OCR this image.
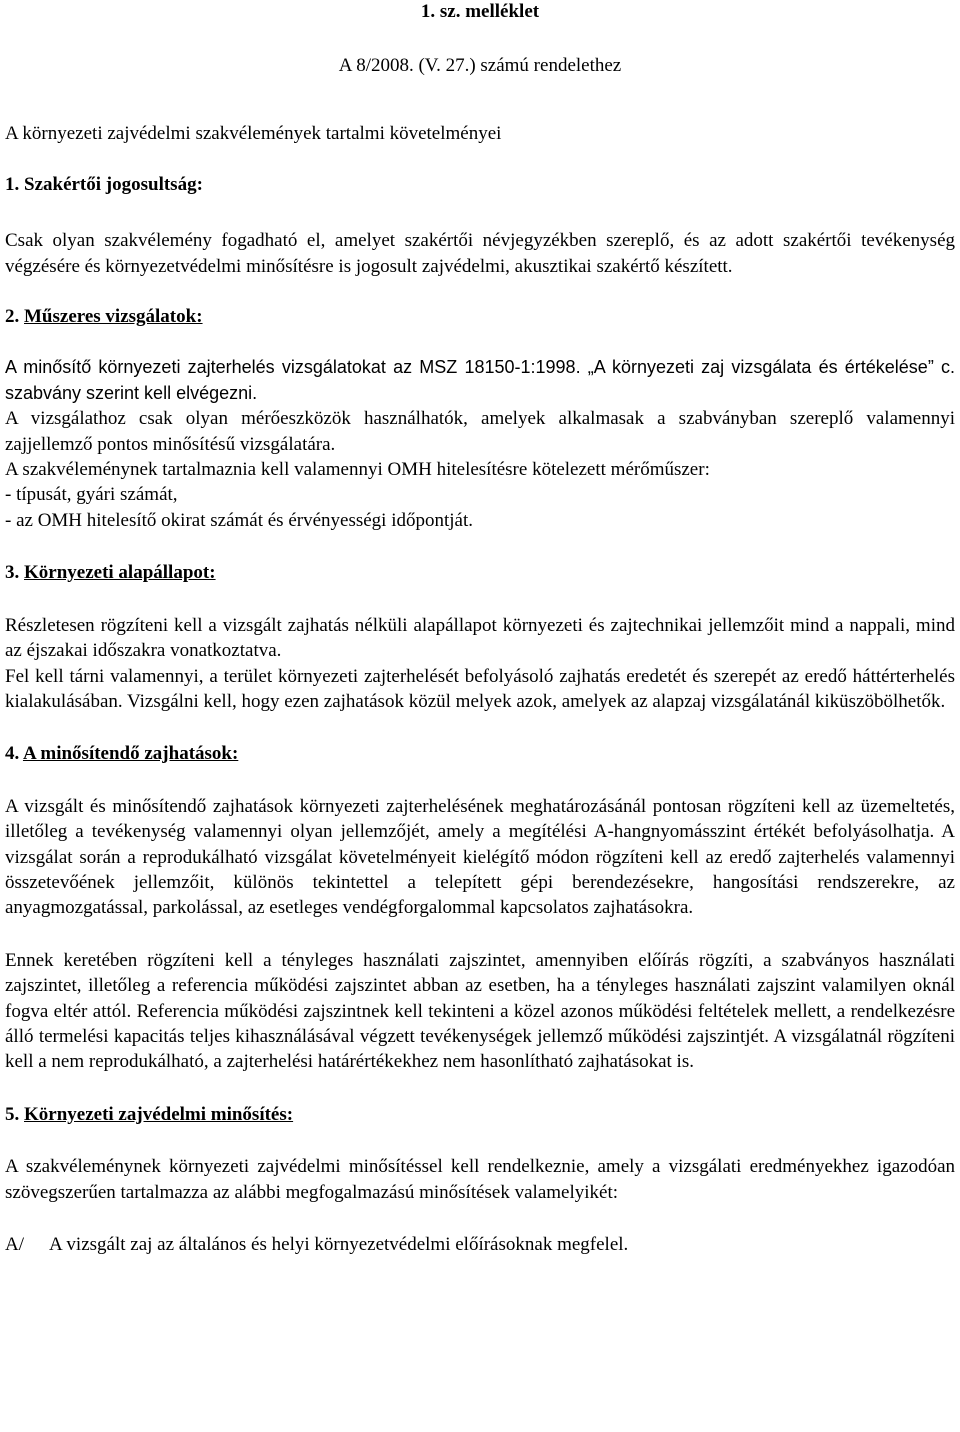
1. sz. melléklet

A 8/2008. (V. 27.) számú rendelethez

A környezeti zajvédelmi szakvélemények tartalmi követelményei

1. Szakértői jogosultság:

Csak olyan szakvélemény fogadható el, amelyet szakértői névjegyzékben szereplő, és az adott szakértői tevékenység végzésére és környezetvédelmi minősítésre is jogosult zajvédelmi, akusztikai szakértő készített.

2. Műszeres vizsgálatok:

A minősítő környezeti zajterhelés vizsgálatokat az MSZ 18150-1:1998. „A környezeti zaj vizsgálata és értékelése” c. szabvány szerint kell elvégezni.

A vizsgálathoz csak olyan mérőeszközök használhatók, amelyek alkalmasak a szabványban szereplő valamennyi zajjellemző pontos minősítésű vizsgálatára.

A szakvéleménynek tartalmaznia kell valamennyi OMH hitelesítésre kötelezett mérőműszer:

- típusát, gyári számát,

- az OMH hitelesítő okirat számát és érvényességi időpontját.

3. Környezeti alapállapot:

Részletesen rögzíteni kell a vizsgált zajhatás nélküli alapállapot környezeti és zajtechnikai jellemzőit mind a nappali, mind az éjszakai időszakra vonatkoztatva.

Fel kell tárni valamennyi, a terület környezeti zajterhelését befolyásoló zajhatás eredetét és szerepét az eredő háttérterhelés kialakulásában. Vizsgálni kell, hogy ezen zajhatások közül melyek azok, amelyek az alapzaj vizsgálatánál kiküszöbölhetők.

4. A minősítendő zajhatások:

A vizsgált és minősítendő zajhatások környezeti zajterhelésének meghatározásánál pontosan rögzíteni kell az üzemeltetés, illetőleg a tevékenység valamennyi olyan jellemzőjét, amely a megítélési A-hangnyomásszint értékét befolyásolhatja. A vizsgálat során a reprodukálható vizsgálat követelményeit kielégítő módon rögzíteni kell az eredő zajterhelés valamennyi összetevőének jellemzőit, különös tekintettel a telepített gépi berendezésekre, hangosítási rendszerekre, az anyagmozgatással, parkolással, az esetleges vendégforgalommal kapcsolatos zajhatásokra.

Ennek keretében rögzíteni kell a tényleges használati zajszintet, amennyiben előírás rögzíti, a szabványos használati zajszintet, illetőleg a referencia működési zajszintet abban az esetben, ha a tényleges használati zajszint valamilyen oknál fogva eltér attól. Referencia működési zajszintnek kell tekinteni a közel azonos működési feltételek mellett, a rendelkezésre álló termelési kapacitás teljes kihasználásával végzett tevékenységek jellemző működési zajszintjét. A vizsgálatnál rögzíteni kell a nem reprodukálható, a zajterhelési határértékekhez nem hasonlítható zajhatásokat is.

5. Környezeti zajvédelmi minősítés:

A szakvéleménynek környezeti zajvédelmi minősítéssel kell rendelkeznie, amely a vizsgálati eredményekhez igazodóan szövegszerűen tartalmazza az alábbi megfogalmazású minősítések valamelyikét:

A/	A vizsgált zaj az általános és helyi környezetvédelmi előírásoknak megfelel.
